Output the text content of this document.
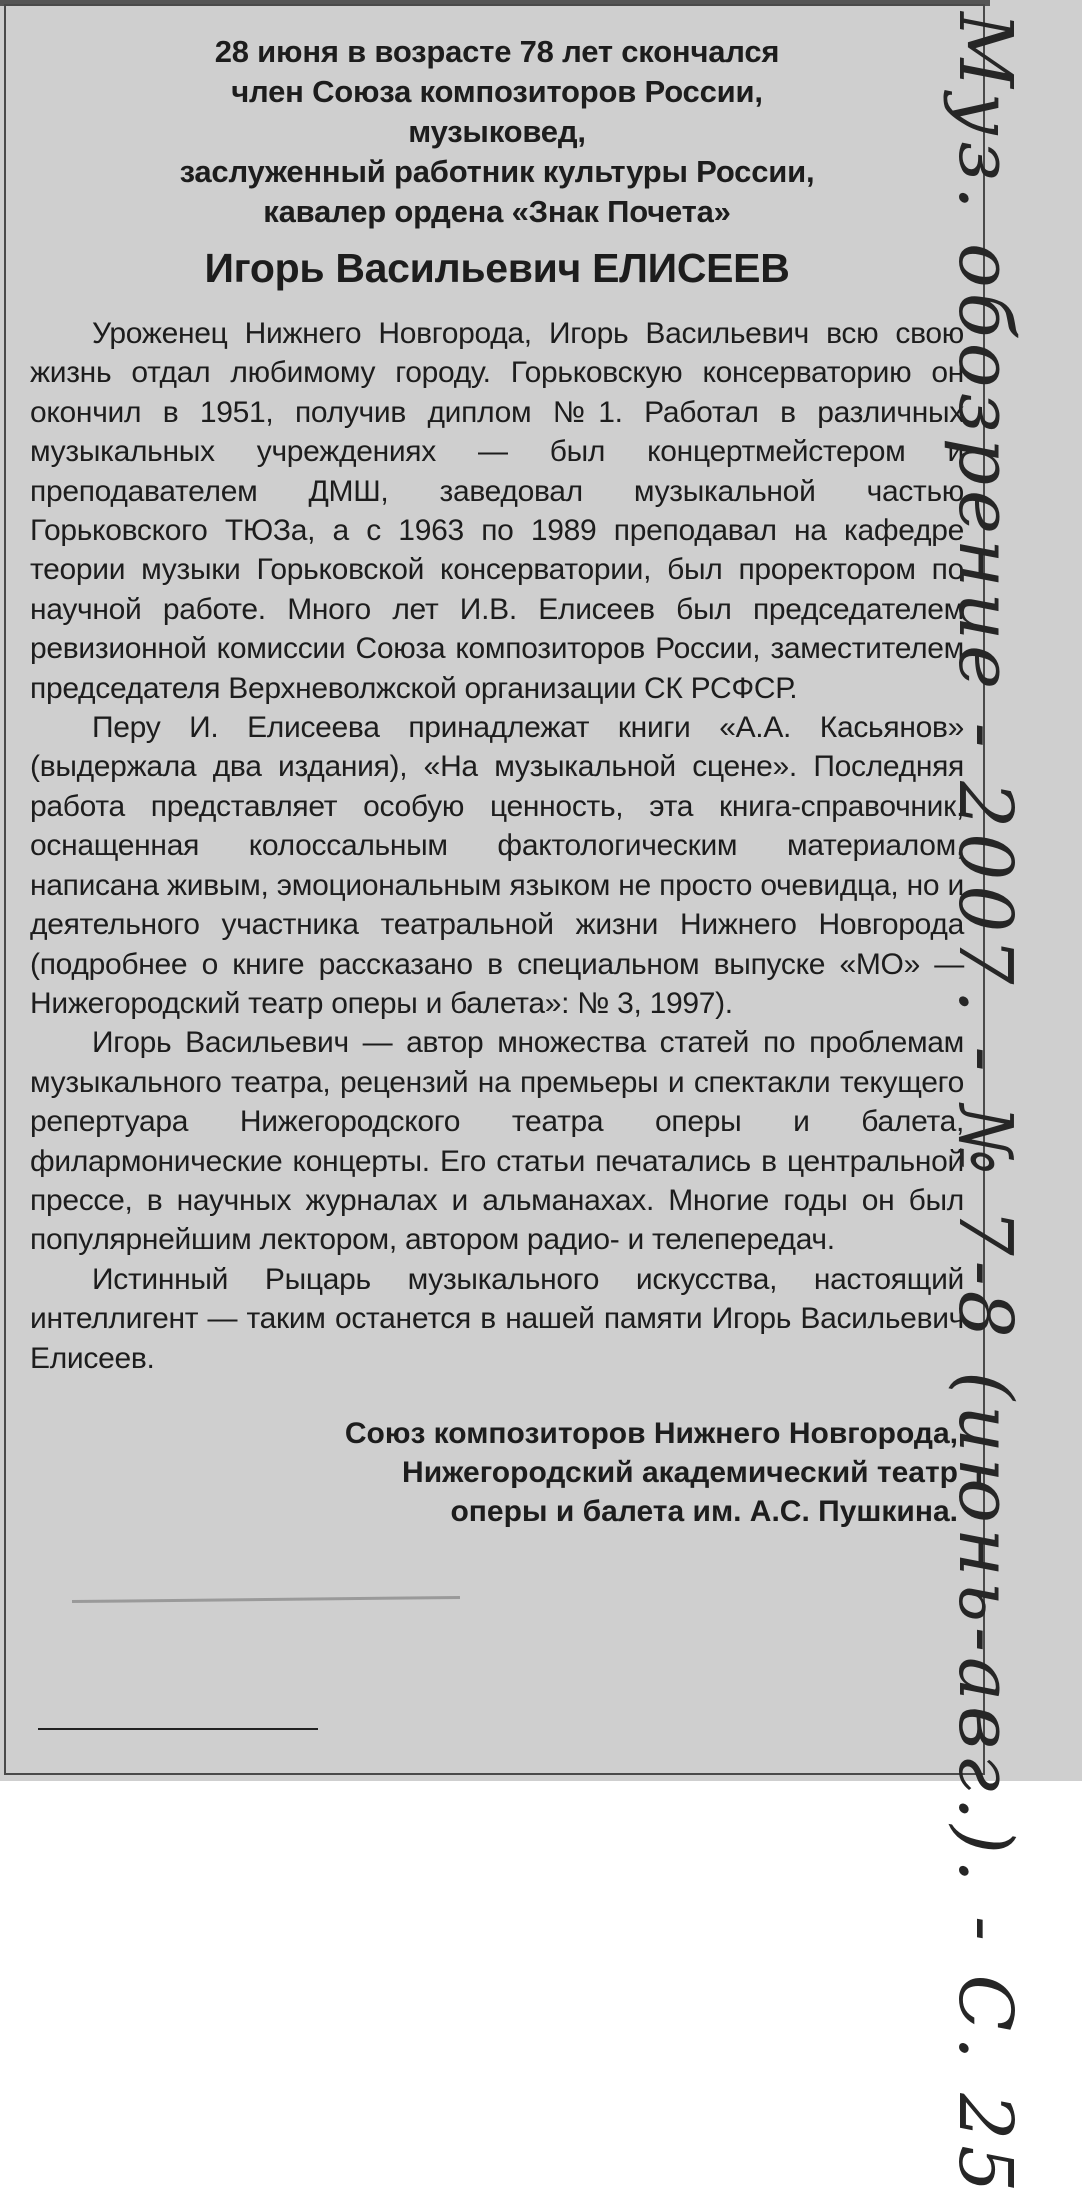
28 июня в возрасте 78 лет скончался
член Союза композиторов России,
музыковед,
заслуженный работник культуры России,
кавалер ордена «Знак Почета»
Игорь Васильевич ЕЛИСЕЕВ

Уроженец Нижнего Новгорода, Игорь Васильевич всю свою жизнь отдал любимому городу. Горьковскую консерваторию он окончил в 1951, получив диплом №1. Работал в различных музыкальных учреждениях — был концертмейстером и преподавателем ДМШ, заведовал музыкальной частью Горьковского ТЮЗа, а с 1963 по 1989 преподавал на кафедре теории музыки Горьковской консерватории, был проректором по научной работе. Много лет И.В. Елисеев был председателем ревизионной комиссии Союза композиторов России, заместителем председателя Верхневолжской организации СК РСФСР.

Перу И. Елисеева принадлежат книги «А.А. Касьянов» (выдержала два издания), «На музыкальной сцене». Последняя работа представляет особую ценность, эта книга-справочник, оснащенная колоссальным фактологическим материалом, написана живым, эмоциональным языком не просто очевидца, но и деятельного участника театральной жизни Нижнего Новгорода (подробнее о книге рассказано в специальном выпуске «МО» — Нижегородский театр оперы и балета»: № 3, 1997).

Игорь Васильевич — автор множества статей по проблемам музыкального театра, рецензий на премьеры и спектакли текущего репертуара Нижегородского театра оперы и балета, филармонические концерты. Его статьи печатались в центральной прессе, в научных журналах и альманахах. Многие годы он был популярнейшим лектором, автором радио- и телепередач.

Истинный Рыцарь музыкального искусства, настоящий интеллигент — таким останется в нашей памяти Игорь Васильевич Елисеев.

Союз композиторов Нижнего Новгорода,
Нижегородский академический театр
оперы и балета им. А.С. Пушкина.
Муз. обозрение - 2007. - № 7-8 (июнь-авг.). - С. 25
